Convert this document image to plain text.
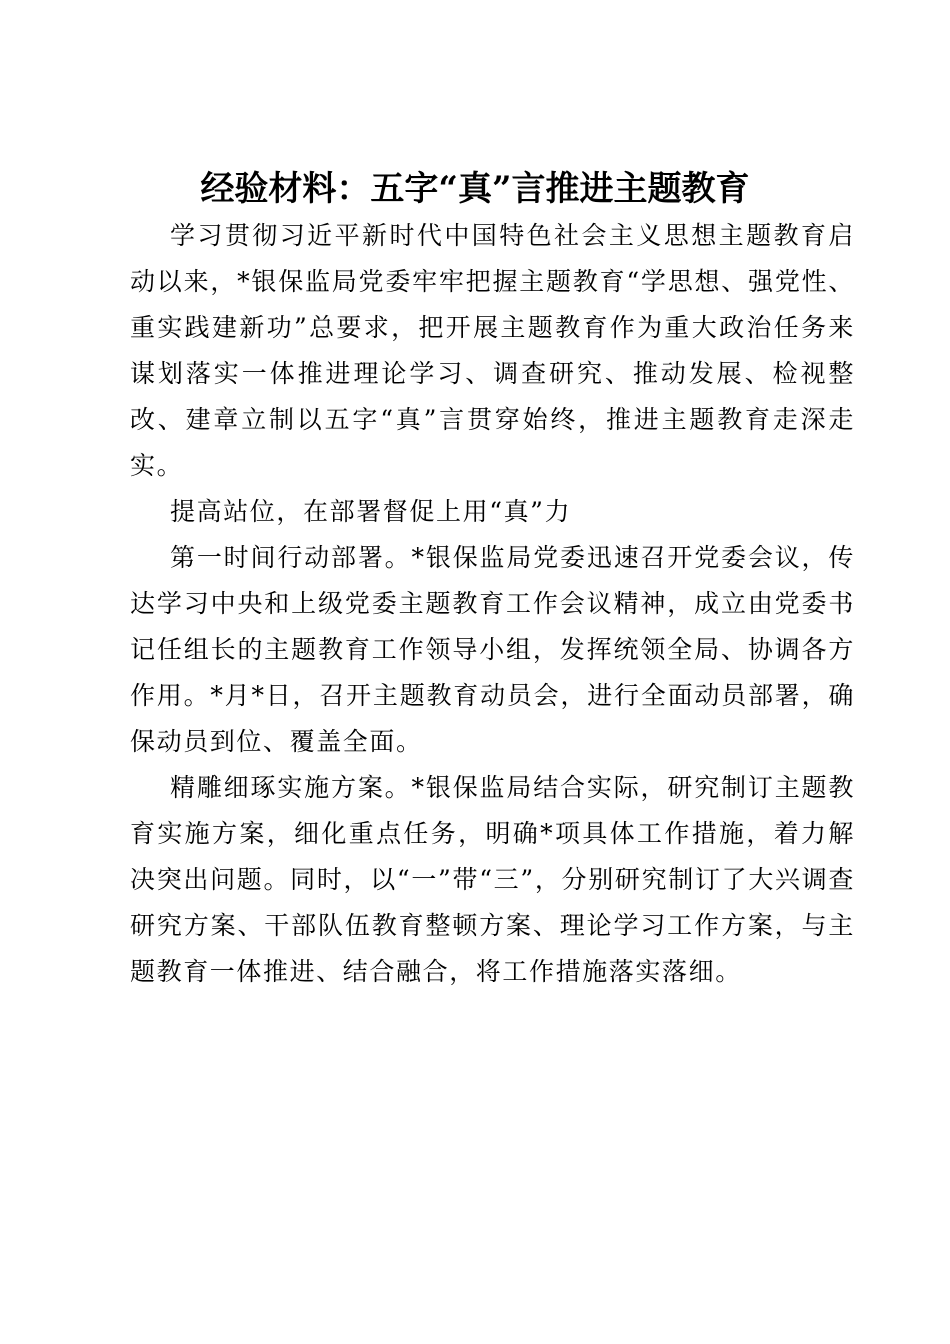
经验材料：五字“真”言推进主题教育

学习贯彻习近平新时代中国特色社会主义思想主题教育启动以来，*银保监局党委牢牢把握主题教育“学思想、强党性、重实践建新功”总要求，把开展主题教育作为重大政治任务来谋划落实一体推进理论学习、调查研究、推动发展、检视整改、建章立制以五字“真”言贯穿始终，推进主题教育走深走实。

提高站位，在部署督促上用“真”力

第一时间行动部署。*银保监局党委迅速召开党委会议，传达学习中央和上级党委主题教育工作会议精神，成立由党委书记任组长的主题教育工作领导小组，发挥统领全局、协调各方作用。*月*日，召开主题教育动员会，进行全面动员部署，确保动员到位、覆盖全面。

精雕细琢实施方案。*银保监局结合实际，研究制订主题教育实施方案，细化重点任务，明确*项具体工作措施，着力解决突出问题。同时，以“一”带“三”，分别研究制订了大兴调查研究方案、干部队伍教育整顿方案、理论学习工作方案，与主题教育一体推进、结合融合，将工作措施落实落细。
